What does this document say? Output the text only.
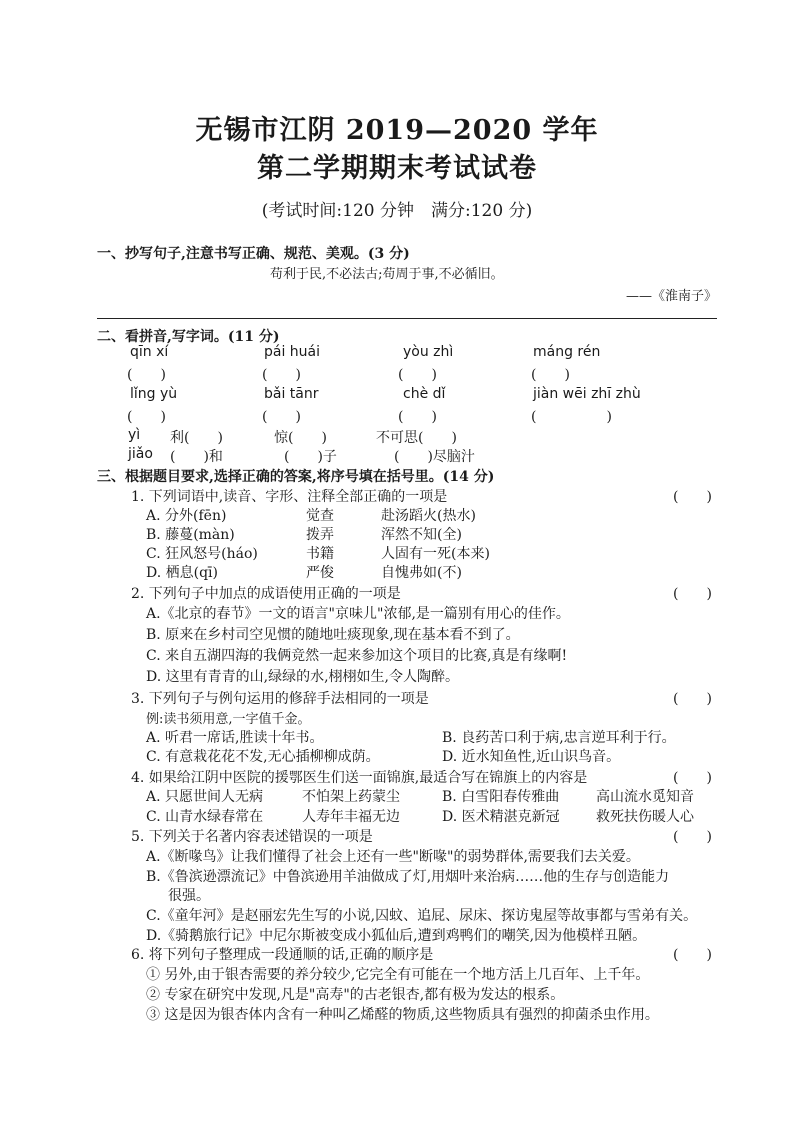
无锡市江阴 2019—2020 学年
第二学期期末考试试卷
(考试时间:120 分钟　满分:120 分)
一、抄写句子,注意书写正确、规范、美观。(3 分)
苟利于民,不必法古;苟周于事,不必循旧。
——《淮南子》
二、看拼音,写字词。(11 分)
qīn xí	pái huái	yòu zhì	máng rén
(　　)	(　　)	(　　)	(　　)
lǐng yù	bǎi tānr	chè dǐ	jiàn wēi zhī zhù
(　　)	(　　)	(　　)	(　　　　　)
yì 利(　　)	惊(　　)	不可思(　　)
jiǎo (　　)和	(　　)子	(　　)尽脑汁
三、根据题目要求,选择正确的答案,将序号填在括号里。(14 分)
1. 下列词语中,读音、字形、注释全部正确的一项是	(　　)
A. 分外(fēn)	觉查	赴汤蹈火(热水)
B. 藤蔓(màn)	拨弄	浑然不知(全)
C. 狂风怒号(háo)	书籍	人固有一死(本来)
D. 栖息(qī)	严俊	自愧弗如(不)
2. 下列句子中加点的成语使用正确的一项是	(　　)
A.《北京的春节》一文的语言"京味儿"浓郁,是一篇别有用心的佳作。
B. 原来在乡村司空见惯的随地吐痰现象,现在基本看不到了。
C. 来自五湖四海的我俩竞然一起来参加这个项目的比赛,真是有缘啊!
D. 这里有青青的山,绿绿的水,栩栩如生,令人陶醉。
3. 下列句子与例句运用的修辞手法相同的一项是	(　　)
例:读书须用意,一字值千金。
A. 听君一席话,胜读十年书。	B. 良药苦口利于病,忠言逆耳利于行。
C. 有意栽花花不发,无心插柳柳成荫。	D. 近水知鱼性,近山识鸟音。
4. 如果给江阴中医院的援鄂医生们送一面锦旗,最适合写在锦旗上的内容是	(　　)
A. 只愿世间人无病	不怕架上药蒙尘	B. 白雪阳春传雅曲	高山流水觅知音
C. 山青水绿春常在	人寿年丰福无边	D. 医术精湛克新冠	救死扶伤暖人心
5. 下列关于名著内容表述错误的一项是	(　　)
A.《断喙鸟》让我们懂得了社会上还有一些"断喙"的弱势群体,需要我们去关爱。
B.《鲁滨逊漂流记》中鲁滨逊用羊油做成了灯,用烟叶来治病……他的生存与创造能力
很强。
C.《童年河》是赵丽宏先生写的小说,囚蚊、追屁、尿床、探访鬼屋等故事都与雪弟有关。
D.《骑鹅旅行记》中尼尔斯被变成小狐仙后,遭到鸡鸭们的嘲笑,因为他模样丑陋。
6. 将下列句子整理成一段通顺的话,正确的顺序是	(　　)
① 另外,由于银杏需要的养分较少,它完全有可能在一个地方活上几百年、上千年。
② 专家在研究中发现,凡是"高寿"的古老银杏,都有极为发达的根系。
③ 这是因为银杏体内含有一种叫乙烯醛的物质,这些物质具有强烈的抑菌杀虫作用。
